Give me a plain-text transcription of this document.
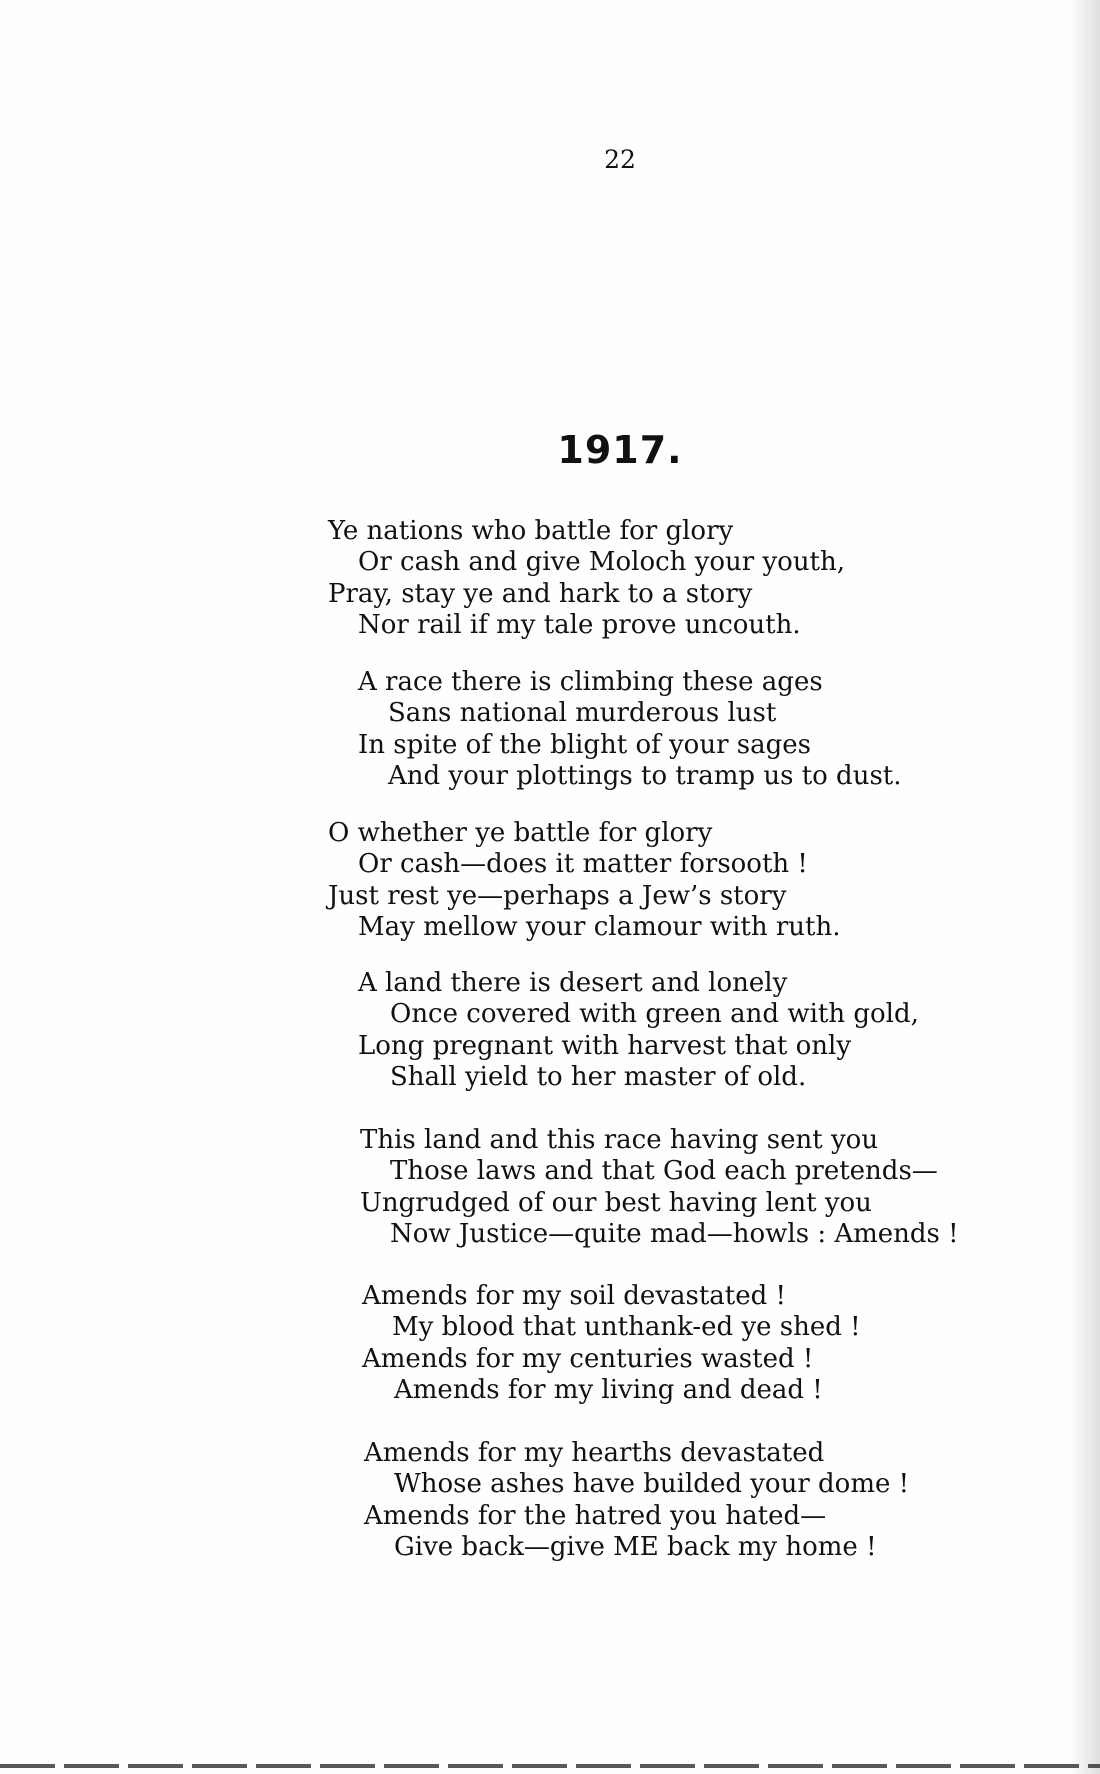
22
1917.
Ye nations who battle for glory
Or cash and give Moloch your youth,
Pray, stay ye and hark to a story
Nor rail if my tale prove uncouth.
A race there is climbing these ages
Sans national murderous lust
In spite of the blight of your sages
And your plottings to tramp us to dust.
O whether ye battle for glory
Or cash—does it matter forsooth !
Just rest ye—perhaps a Jew’s story
May mellow your clamour with ruth.
A land there is desert and lonely
Once covered with green and with gold,
Long pregnant with harvest that only
Shall yield to her master of old.
This land and this race having sent you
Those laws and that God each pretends—
Ungrudged of our best having lent you
Now Justice—quite mad—howls : Amends !
Amends for my soil devastated !
My blood that unthank-ed ye shed !
Amends for my centuries wasted !
Amends for my living and dead !
Amends for my hearths devastated
Whose ashes have builded your dome !
Amends for the hatred you hated—
Give back—give ME back my home !
